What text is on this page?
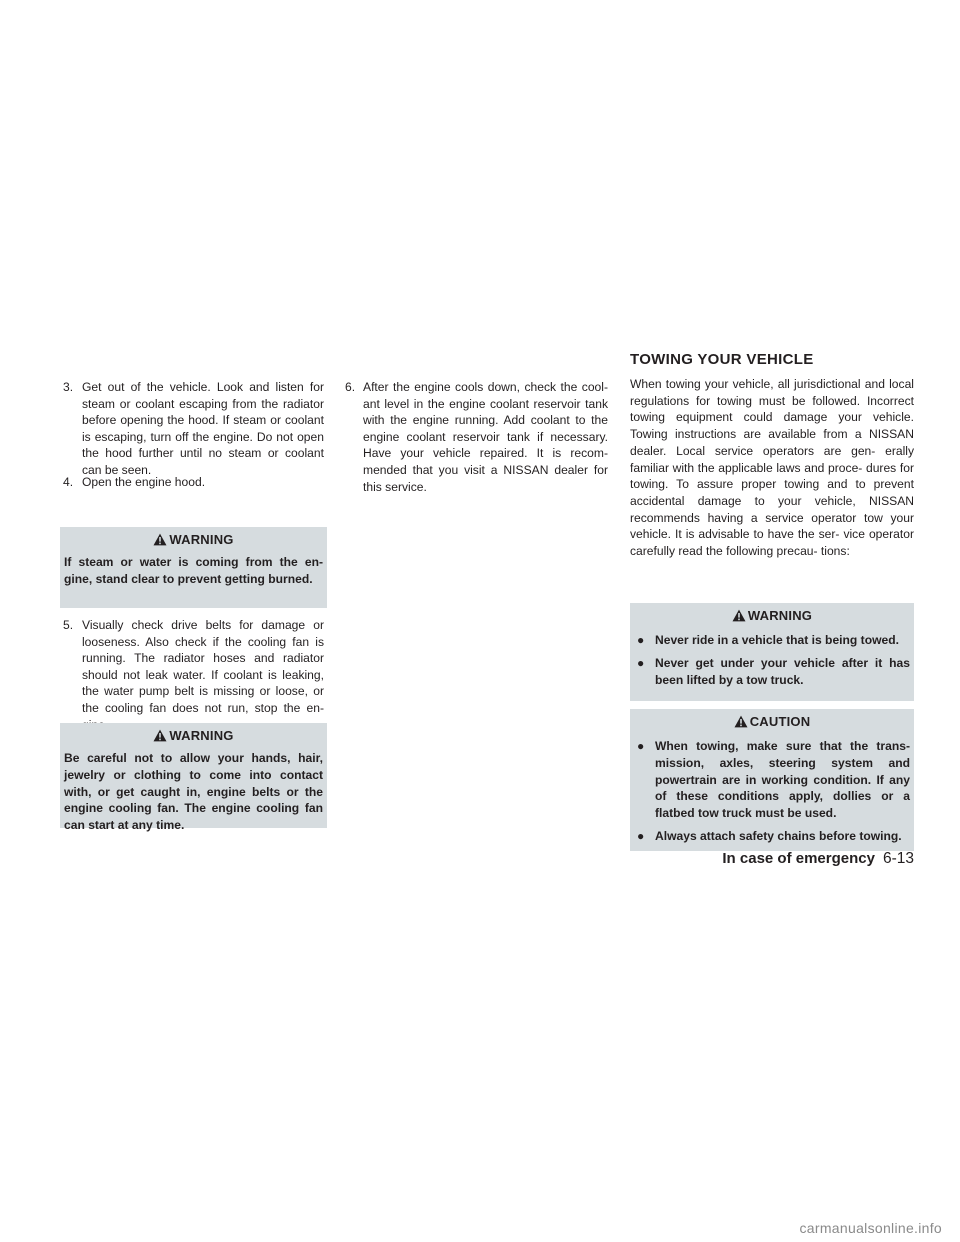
3. Get out of the vehicle. Look and listen for steam or coolant escaping from the radiator before opening the hood. If steam or coolant is escaping, turn off the engine. Do not open the hood further until no steam or coolant can be seen.
4. Open the engine hood.
WARNING
If steam or water is coming from the en- gine, stand clear to prevent getting burned.
5. Visually check drive belts for damage or looseness. Also check if the cooling fan is running. The radiator hoses and radiator should not leak water. If coolant is leaking, the water pump belt is missing or loose, or the cooling fan does not run, stop the en-
WARNING
Be careful not to allow your hands, hair, jewelry or clothing to come into contact with, or get caught in, engine belts or the engine cooling fan. The engine cooling fan can start at any time.
6. After the engine cools down, check the cool- ant level in the engine coolant reservoir tank with the engine running. Add coolant to the engine coolant reservoir tank if necessary. Have your vehicle repaired. It is recom- mended that you visit a NISSAN dealer for this service.
TOWING YOUR VEHICLE
When towing your vehicle, all jurisdictional and local regulations for towing must be followed. Incorrect towing equipment could damage your vehicle. Towing instructions are available from a NISSAN dealer. Local service operators are gen- erally familiar with the applicable laws and proce- dures for towing. To assure proper towing and to prevent accidental damage to your vehicle, NISSAN recommends having a service operator tow your vehicle. It is advisable to have the ser- vice operator carefully read the following precau- tions:
WARNING
● Never ride in a vehicle that is being towed.
● Never get under your vehicle after it has been lifted by a tow truck.
CAUTION
● When towing, make sure that the trans- mission, axles, steering system and powertrain are in working condition. If any of these conditions apply, dollies or a flatbed tow truck must be used.
● Always attach safety chains before towing.
In case of emergency 6-13
carmanualsonline.info
